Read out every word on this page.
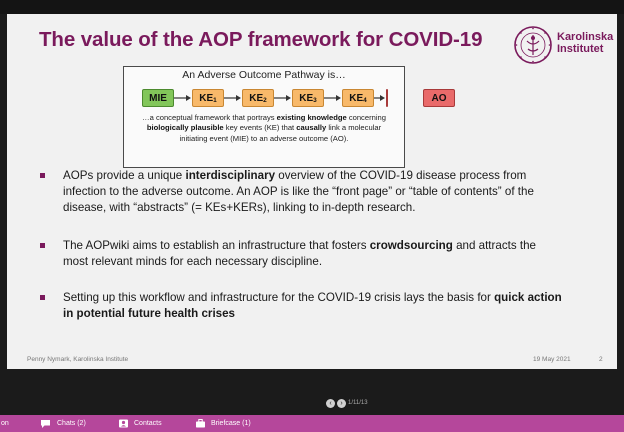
The value of the AOP framework for COVID-19	Karolinska
Institutet
An Adverse Outcome Pathway is…
MIE	$KE_1$	$KE_2$	$KE_3$	$KE_4$
…a conceptual framework that portrays existing knowledge concerning biologically plausible key events (KE) that causally link a molecular initiating event (MIE) to an adverse outcome (AO).
AO
AOPs provide a unique interdisciplinary overview of the COVID-19 disease process from infection to the adverse outcome. An AOP is like the “front page” or “table of contents” of the disease, with “abstracts” (= KEs+KERs), linking to in-depth research.
The AOPwiki aims to establish an infrastructure that fosters crowdsourcing and attracts the most relevant minds for each necessary discipline.
Setting up this workflow and infrastructure for the COVID-19 crisis lays the basis for quick action in potential future health crises
Penny Nymark, Karolinska Institute	19 May 2021	2
‹	› 1/11/13
on	Chats (2)	Contacts	Briefcase (1)
